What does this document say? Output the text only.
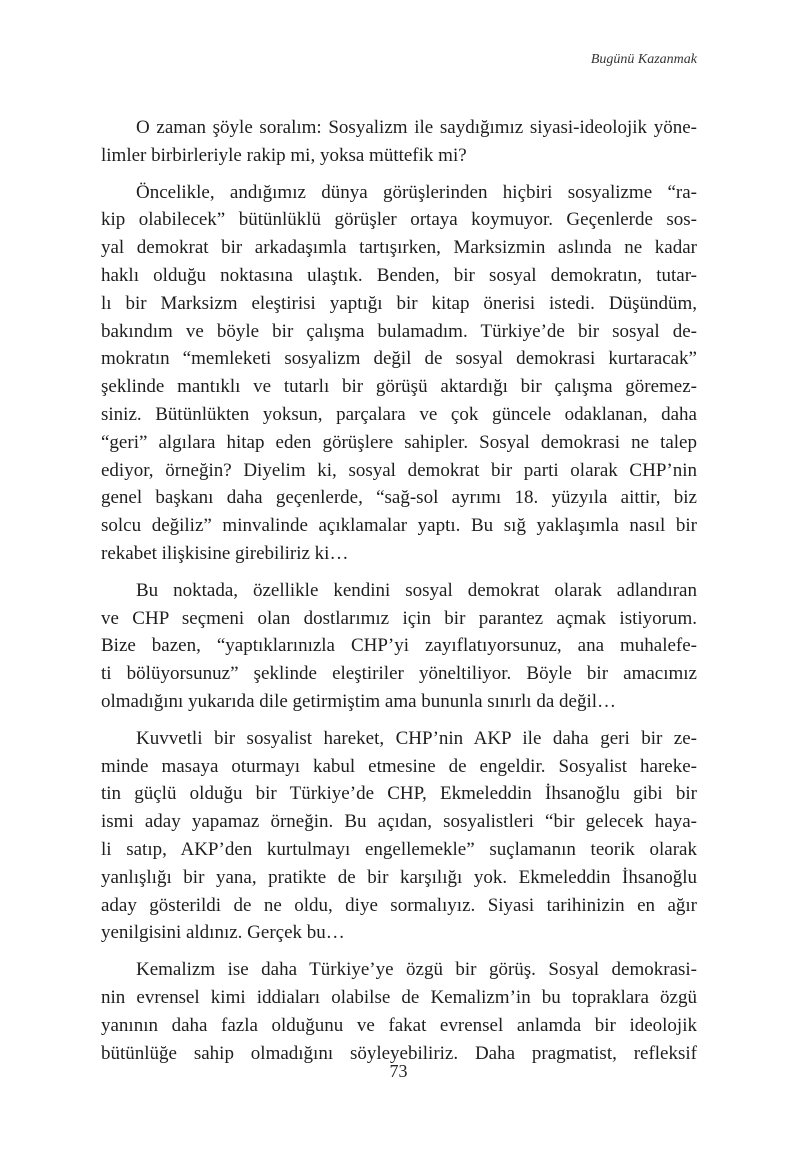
Bugünü Kazanmak
O zaman şöyle soralım: Sosyalizm ile saydığımız siyasi-ideolojik yöne-
limler birbirleriyle rakip mi, yoksa müttefik mi?
Öncelikle, andığımız dünya görüşlerinden hiçbiri sosyalizme “ra-
kip olabilecek” bütünlüklü görüşler ortaya koymuyor. Geçenlerde sos-
yal demokrat bir arkadaşımla tartışırken, Marksizmin aslında ne kadar
haklı olduğu noktasına ulaştık. Benden, bir sosyal demokratın, tutar-
lı bir Marksizm eleştirisi yaptığı bir kitap önerisi istedi. Düşündüm,
bakındım ve böyle bir çalışma bulamadım. Türkiye’de bir sosyal de-
mokratın “memleketi sosyalizm değil de sosyal demokrasi kurtaracak”
şeklinde mantıklı ve tutarlı bir görüşü aktardığı bir çalışma göremez-
siniz. Bütünlükten yoksun, parçalara ve çok güncele odaklanan, daha
“geri” algılara hitap eden görüşlere sahipler. Sosyal demokrasi ne talep
ediyor, örneğin? Diyelim ki, sosyal demokrat bir parti olarak CHP’nin
genel başkanı daha geçenlerde, “sağ-sol ayrımı 18. yüzyıla aittir, biz
solcu değiliz” minvalinde açıklamalar yaptı. Bu sığ yaklaşımla nasıl bir
rekabet ilişkisine girebiliriz ki…
Bu noktada, özellikle kendini sosyal demokrat olarak adlandıran
ve CHP seçmeni olan dostlarımız için bir parantez açmak istiyorum.
Bize bazen, “yaptıklarınızla CHP’yi zayıflatıyorsunuz, ana muhalefe-
ti bölüyorsunuz” şeklinde eleştiriler yöneltiliyor. Böyle bir amacımız
olmadığını yukarıda dile getirmiştim ama bununla sınırlı da değil…
Kuvvetli bir sosyalist hareket, CHP’nin AKP ile daha geri bir ze-
minde masaya oturmayı kabul etmesine de engeldir. Sosyalist hareke-
tin güçlü olduğu bir Türkiye’de CHP, Ekmeleddin İhsanoğlu gibi bir
ismi aday yapamaz örneğin. Bu açıdan, sosyalistleri “bir gelecek haya-
li satıp, AKP’den kurtulmayı engellemekle” suçlamanın teorik olarak
yanlışlığı bir yana, pratikte de bir karşılığı yok. Ekmeleddin İhsanoğlu
aday gösterildi de ne oldu, diye sormalıyız. Siyasi tarihinizin en ağır
yenilgisini aldınız. Gerçek bu…
Kemalizm ise daha Türkiye’ye özgü bir görüş. Sosyal demokrasi-
nin evrensel kimi iddiaları olabilse de Kemalizm’in bu topraklara özgü
yanının daha fazla olduğunu ve fakat evrensel anlamda bir ideolojik
bütünlüğe sahip olmadığını söyleyebiliriz. Daha pragmatist, refleksif
73
